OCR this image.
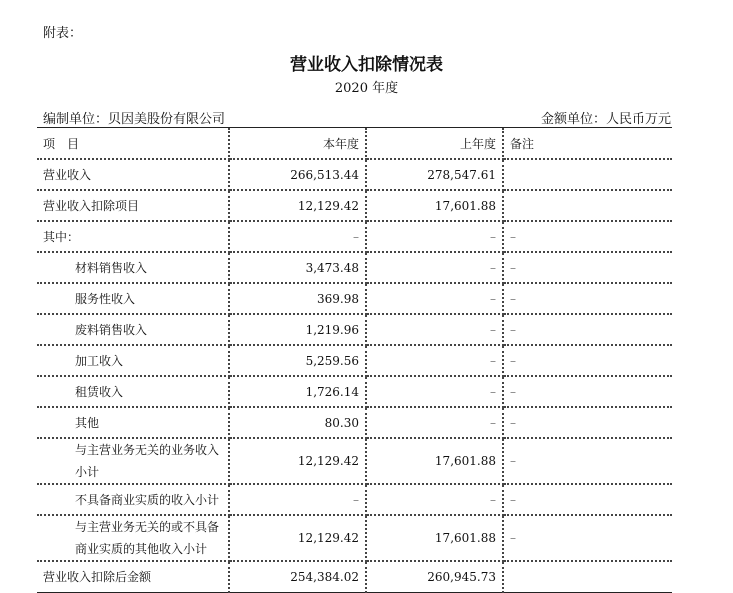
附表：
营业收入扣除情况表
2020 年度
编制单位：贝因美股份有限公司	金额单位：人民币万元
项　目	本年度	上年度	备注
营业收入	266,513.44	278,547.61	
营业收入扣除项目	12,129.42	17,601.88	
其中：	–	–	–
材料销售收入	3,473.48	–	–
服务性收入	369.98	–	–
废料销售收入	1,219.96	–	–
加工收入	5,259.56	–	–
租赁收入	1,726.14	–	–
其他	80.30	–	–
与主营业务无关的业务收入小计	12,129.42	17,601.88	–
不具备商业实质的收入小计	–	–	–
与主营业务无关的或不具备商业实质的其他收入小计	12,129.42	17,601.88	–
营业收入扣除后金额	254,384.02	260,945.73	
